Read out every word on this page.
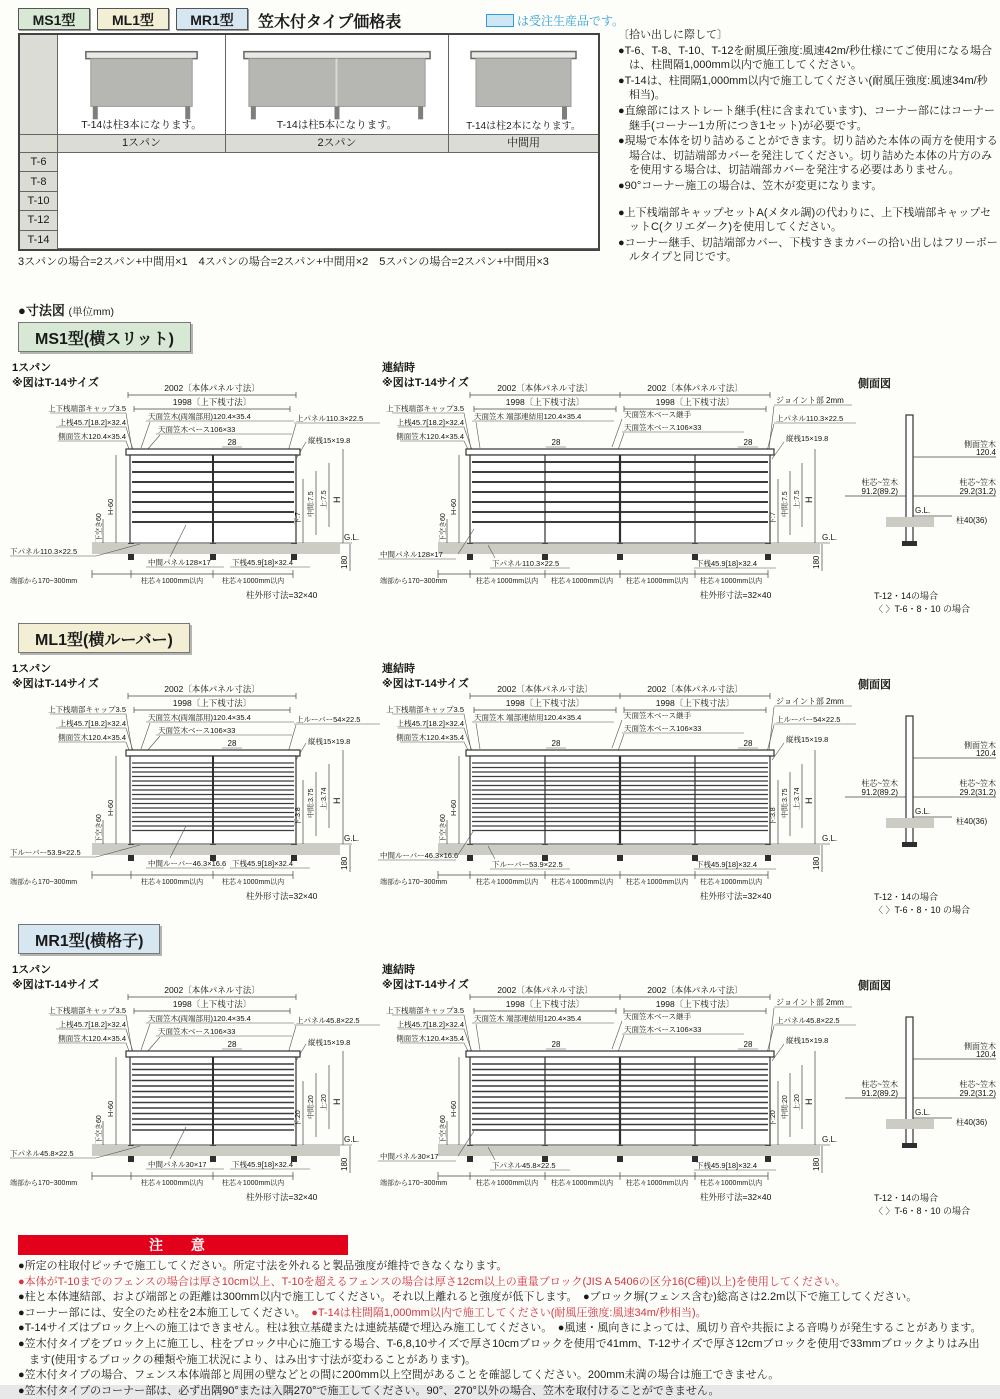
MS1型	ML1型	MR1型	笠木付タイプ価格表	は受注生産品です。
T-14は柱3本になります。	T-14は柱5本になります。	T-14は柱2本になります。
1スパン	2スパン	中間用
T-6
T-8
T-10
T-12
T-14
3スパンの場合=2スパン+中間用×1　4スパンの場合=2スパン+中間用×2　5スパンの場合=2スパン+中間用×3
〔拾い出しに際して〕
●T-6、T-8、T-10、T-12を耐風圧強度:風速42m/秒仕様にてご使用になる場合は、柱間隔1,000mm以内で施工してください。
●T-14は、柱間隔1,000mm以内で施工してください(耐風圧強度:風速34m/秒相当)。
●直線部にはストレート継手(柱に含まれています)、コーナー部にはコーナー継手(コーナー1カ所につき1セット)が必要です。
●現場で本体を切り詰めることができます。切り詰めた本体の両方を使用する場合は、切詰端部カバーを発注してください。切り詰めた本体の片方のみを使用する場合は、切詰端部カバーを発注する必要はありません。
●90°コーナー施工の場合は、笠木が変更になります。
●上下桟端部キャップセットA(メタル調)の代わりに、上下桟端部キャップセットC(クリエダーク)を使用してください。
●コーナー継手、切詰端部カバー、下桟すきまカバーの拾い出しはフリーボールタイプと同じです。
●寸法図 (単位mm)
MS1型(横スリット)
1スパン
※図はT-14サイズ	2002〔本体パネル寸法〕
1998〔上下桟寸法〕
上下桟端部キャップ3.5
上桟45.7[18.2]×32.4
側面笠木120.4×35.4
天面笠木(両端部用)120.4×35.4
天面笠木ベース106×33
28
上パネル110.3×22.5
縦桟15×19.8
G.L.
下空き60
H-60
下:7
中間:7.5 上:7.5 H
180
下パネル110.3×22.5
中間パネル128×17	下桟45.9[18]×32.4
端部から170~300mm	柱芯々1000mm以内	柱芯々1000mm以内
柱外形寸法=32×40
連結時
※図はT-14サイズ	2002〔本体パネル寸法〕	2002〔本体パネル寸法〕
1998〔上下桟寸法〕	1998〔上下桟寸法〕
上下桟端部キャップ3.5
上桟45.7[18.2]×32.4
側面笠木120.4×35.4
天面笠木 端部連結用120.4×35.4
28
天面笠木ベース継手
天面笠木ベース106×33
28
ジョイント部 2mm
上パネル110.3×22.5
縦桟15×19.8
G.L.
下空き60
H-60
下:7
中間:7.5 上:7.5 H
180
中間パネル128×17
下パネル110.3×22.5	下桟45.9[18]×32.4
端部から170~300mm	柱芯々1000mm以内 柱芯々1000mm以内 柱芯々1000mm以内 柱芯々1000mm以内
柱外形寸法=32×40
側面図
側面笠木
120.4
柱芯~笠木
91.2(89.2)
柱芯~笠木
29.2(31.2)
G.L.
柱40(36)
T-12・14の場合
〈 〉T-6・8・10 の場合
ML1型(横ルーバー)
1スパン
※図はT-14サイズ	2002〔本体パネル寸法〕
1998〔上下桟寸法〕
上下桟端部キャップ3.5
上桟45.7[18.2]×32.4
側面笠木120.4×35.4
天面笠木(両端部用)120.4×35.4
天面笠木ベース106×33
28
上ルーバー54×22.5
縦桟15×19.8
G.L.
下空き60
H-60	下:3.8 中間:3.75 上:3.74 H
180
下ルーバー53.9×22.5
中間ルーバー46.3×16.6 下桟45.9[18]×32.4
端部から170~300mm	柱芯々1000mm以内	柱芯々1000mm以内
柱外形寸法=32×40
連結時
※図はT-14サイズ	2002〔本体パネル寸法〕	2002〔本体パネル寸法〕
1998〔上下桟寸法〕	1998〔上下桟寸法〕
上下桟端部キャップ3.5
上桟45.7[18.2]×32.4
側面笠木120.4×35.4
天面笠木 端部連結用120.4×35.4
28
天面笠木ベース継手
天面笠木ベース106×33
28
ジョイント部 2mm
上ルーバー54×22.5
縦桟15×19.8
G.L.
下空き60
H-60	下:3.8 中間:3.75 上:3.74 H
180
中間ルーバー46.3×16.6
下ルーバー53.9×22.5	下桟45.9[18]×32.4
端部から170~300mm	柱芯々1000mm以内 柱芯々1000mm以内 柱芯々1000mm以内 柱芯々1000mm以内
柱外形寸法=32×40
側面図
側面笠木
120.4
柱芯~笠木
91.2(89.2)
柱芯~笠木
29.2(31.2)
G.L.
柱40(36)
T-12・14の場合
〈 〉T-6・8・10 の場合
MR1型(横格子)
1スパン
※図はT-14サイズ	2002〔本体パネル寸法〕
1998〔上下桟寸法〕
上下桟端部キャップ3.5
上桟45.7[18.2]×32.4
側面笠木120.4×35.4
天面笠木(両端部用)120.4×35.4
天面笠木ベース106×33
28
上パネル45.8×22.5
縦桟15×19.8
G.L.
下空き60
H-60
下:20 中間:20 上:20 H
180
下パネル45.8×22.5
中間パネル30×17	下桟45.9[18]×32.4
端部から170~300mm	柱芯々1000mm以内	柱芯々1000mm以内
柱外形寸法=32×40
連結時
※図はT-14サイズ	2002〔本体パネル寸法〕	2002〔本体パネル寸法〕
1998〔上下桟寸法〕	1998〔上下桟寸法〕
上下桟端部キャップ3.5
上桟45.7[18.2]×32.4
側面笠木120.4×35.4
天面笠木 端部連結用120.4×35.4
28
天面笠木ベース継手
天面笠木ベース106×33
28
ジョイント部 2mm
上パネル45.8×22.5
縦桟15×19.8
G.L.
下空き60
H-60
下:20 中間:20 上:20 H
180
中間パネル30×17
下パネル45.8×22.5	下桟45.9[18]×32.4
端部から170~300mm	柱芯々1000mm以内 柱芯々1000mm以内 柱芯々1000mm以内 柱芯々1000mm以内
柱外形寸法=32×40
側面図
側面笠木
120.4
柱芯~笠木
91.2(89.2)
柱芯~笠木
29.2(31.2)
G.L.
柱40(36)
T-12・14の場合
〈 〉T-6・8・10 の場合
注 意
●所定の柱取付ピッチで施工してください。所定寸法を外れると製品強度が維持できなくなります。
●本体がT-10までのフェンスの場合は厚さ10cm以上、T-10を超えるフェンスの場合は厚さ12cm以上の重量ブロック(JIS A 5406の区分16(C種)以上)を使用してください。
●柱と本体連結部、および端部との距離は300mm以内で施工してください。それ以上離れると強度が低下します。　●ブロック塀(フェンス含む)総高さは2.2m以下で施工してください。
●コーナー部には、安全のため柱を2本施工してください。　●T-14は柱間隔1,000mm以内で施工してください(耐風圧強度:風速34m/秒相当)。
●T-14サイズはブロック上への施工はできません。柱は独立基礎または連続基礎で埋込み施工してください。　●風速・風向きによっては、風切り音や共振による音鳴りが発生することがあります。
●笠木付タイプをブロック上に施工し、柱をブロック中心に施工する場合、T-6,8,10サイズで厚さ10cmブロックを使用で41mm、T-12サイズで厚さ12cmブロックを使用で33mmブロックよりはみ出ます(使用するブロックの種類や施工状況により、はみ出す寸法が変わることがあります)。
●笠木付タイプの場合、フェンス本体端部と周囲の壁などとの間に200mm以上空間があることを確認してください。200mm未満の場合は施工できません。
●笠木付タイプのコーナー部は、必ず出隅90°または入隅270°で施工してください。90°、270°以外の場合、笠木を取付けることができません。
